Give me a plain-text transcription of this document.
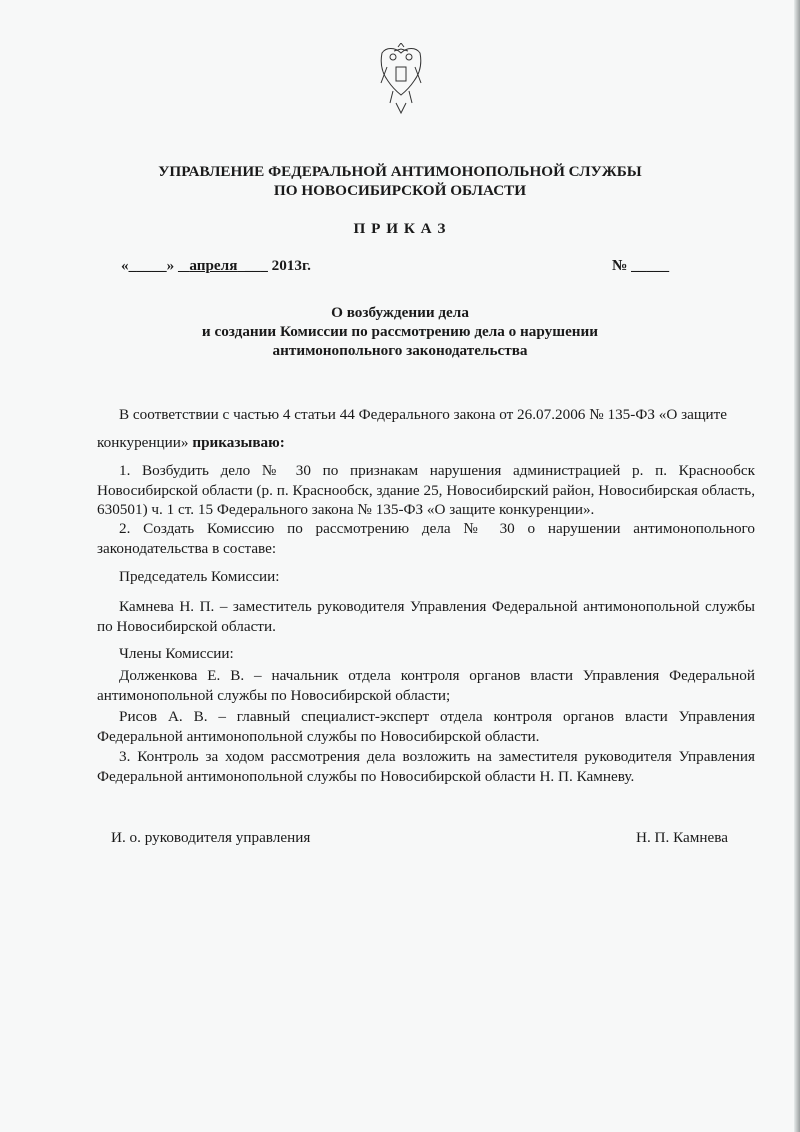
УПРАВЛЕНИЕ ФЕДЕРАЛЬНОЙ АНТИМОНОПОЛЬНОЙ СЛУЖБЫ
ПО НОВОСИБИРСКОЙ ОБЛАСТИ
П Р И К А З
«_____» апреля ___ 2013г.	№ _____
О возбуждении дела
и создании Комиссии по рассмотрению дела о нарушении
антимонопольного законодательства
В соответствии с частью 4 статьи 44 Федерального закона от 26.07.2006 № 135-ФЗ «О защите
конкуренции» приказываю:
1. Возбудить дело № 30 по признакам нарушения администрацией р. п. Краснообск Новосибирской области (р. п. Краснообск, здание 25, Новосибирский район, Новосибирская область, 630501) ч. 1 ст. 15 Федерального закона № 135-ФЗ «О защите конкуренции».
2. Создать Комиссию по рассмотрению дела № 30 о нарушении антимонопольного законодательства в составе:
Председатель Комиссии:
Камнева Н. П. – заместитель руководителя Управления Федеральной антимонопольной службы по Новосибирской области.
Члены Комиссии:
Долженкова Е. В. – начальник отдела контроля органов власти Управления Федеральной антимонопольной службы по Новосибирской области;
Рисов А. В. – главный специалист-эксперт отдела контроля органов власти Управления Федеральной антимонопольной службы по Новосибирской области.
3. Контроль за ходом рассмотрения дела возложить на заместителя руководителя Управления Федеральной антимонопольной службы по Новосибирской области Н. П. Камневу.
И. о. руководителя управления	Н. П. Камнева
